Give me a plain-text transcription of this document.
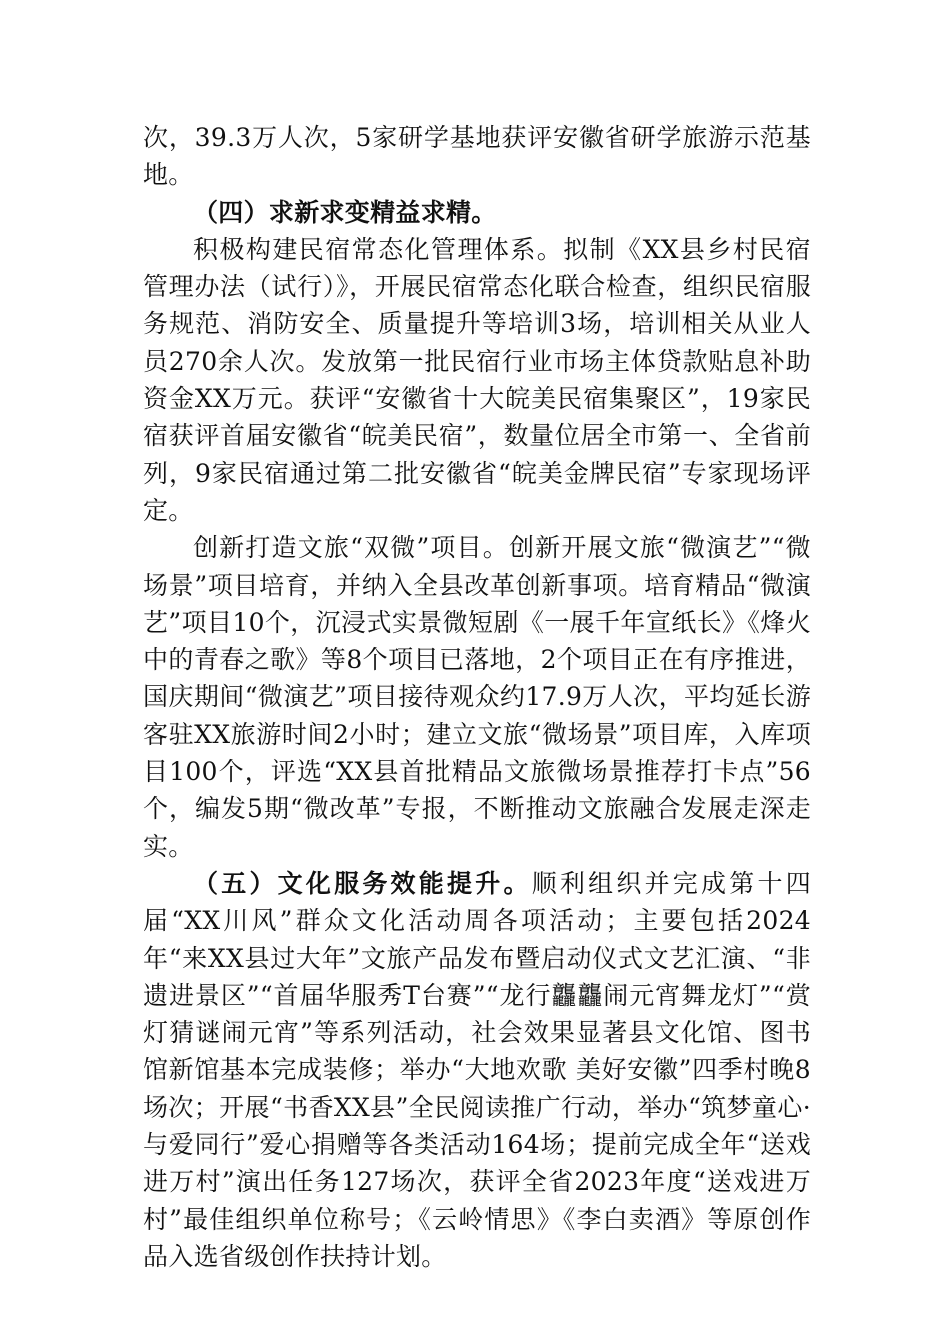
次，39.3万人次，5家研学基地获评安徽省研学旅游示范基地。

（四）求新求变精益求精。

积极构建民宿常态化管理体系。拟制《XX县乡村民宿管理办法（试行）》，开展民宿常态化联合检查，组织民宿服务规范、消防安全、质量提升等培训3场，培训相关从业人员270余人次。发放第一批民宿行业市场主体贷款贴息补助资金XX万元。获评“安徽省十大皖美民宿集聚区”，19家民宿获评首届安徽省“皖美民宿”，数量位居全市第一、全省前列，9家民宿通过第二批安徽省“皖美金牌民宿”专家现场评定。

创新打造文旅“双微”项目。创新开展文旅“微演艺”“微场景”项目培育，并纳入全县改革创新事项。培育精品“微演艺”项目10个，沉浸式实景微短剧《一展千年宣纸长》《烽火中的青春之歌》等8个项目已落地，2个项目正在有序推进，国庆期间“微演艺”项目接待观众约17.9万人次，平均延长游客驻XX旅游时间2小时；建立文旅“微场景”项目库，入库项目100个，评选“XX县首批精品文旅微场景推荐打卡点”56个，编发5期“微改革”专报，不断推动文旅融合发展走深走实。

（五）文化服务效能提升。顺利组织并完成第十四届“XX川风”群众文化活动周各项活动；主要包括2024年“来XX县过大年”文旅产品发布暨启动仪式文艺汇演、“非遗进景区”“首届华服秀T台赛”“龙行龘龘闹元宵舞龙灯”“赏灯猜谜闹元宵”等系列活动，社会效果显著县文化馆、图书馆新馆基本完成装修；举办“大地欢歌 美好安徽”四季村晚8场次；开展“书香XX县”全民阅读推广行动，举办“筑梦童心·与爱同行”爱心捐赠等各类活动164场；提前完成全年“送戏进万村”演出任务127场次，获评全省2023年度“送戏进万村”最佳组织单位称号；《云岭情思》《李白卖酒》等原创作品入选省级创作扶持计划。
